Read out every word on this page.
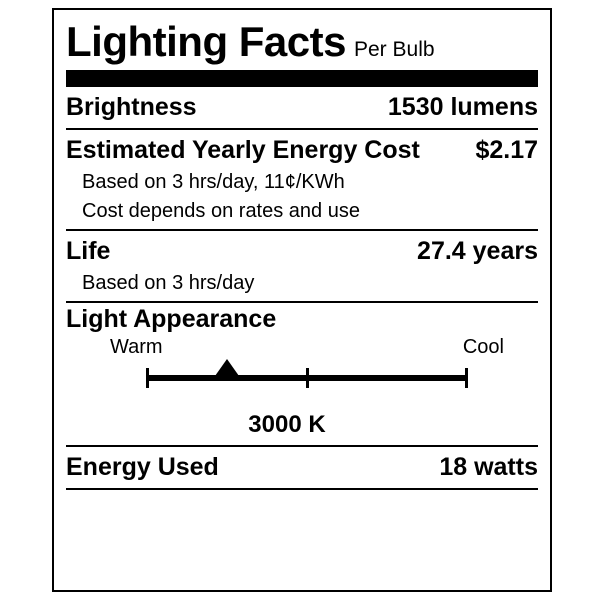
Lighting Facts Per Bulb
Brightness	1530 lumens
Estimated Yearly Energy Cost $2.17
Based on 3 hrs/day, 11¢/KWh
Cost depends on rates and use
Life	27.4 years
Based on 3 hrs/day
Light Appearance
Warm	Cool
3000 K
Energy Used	18 watts
